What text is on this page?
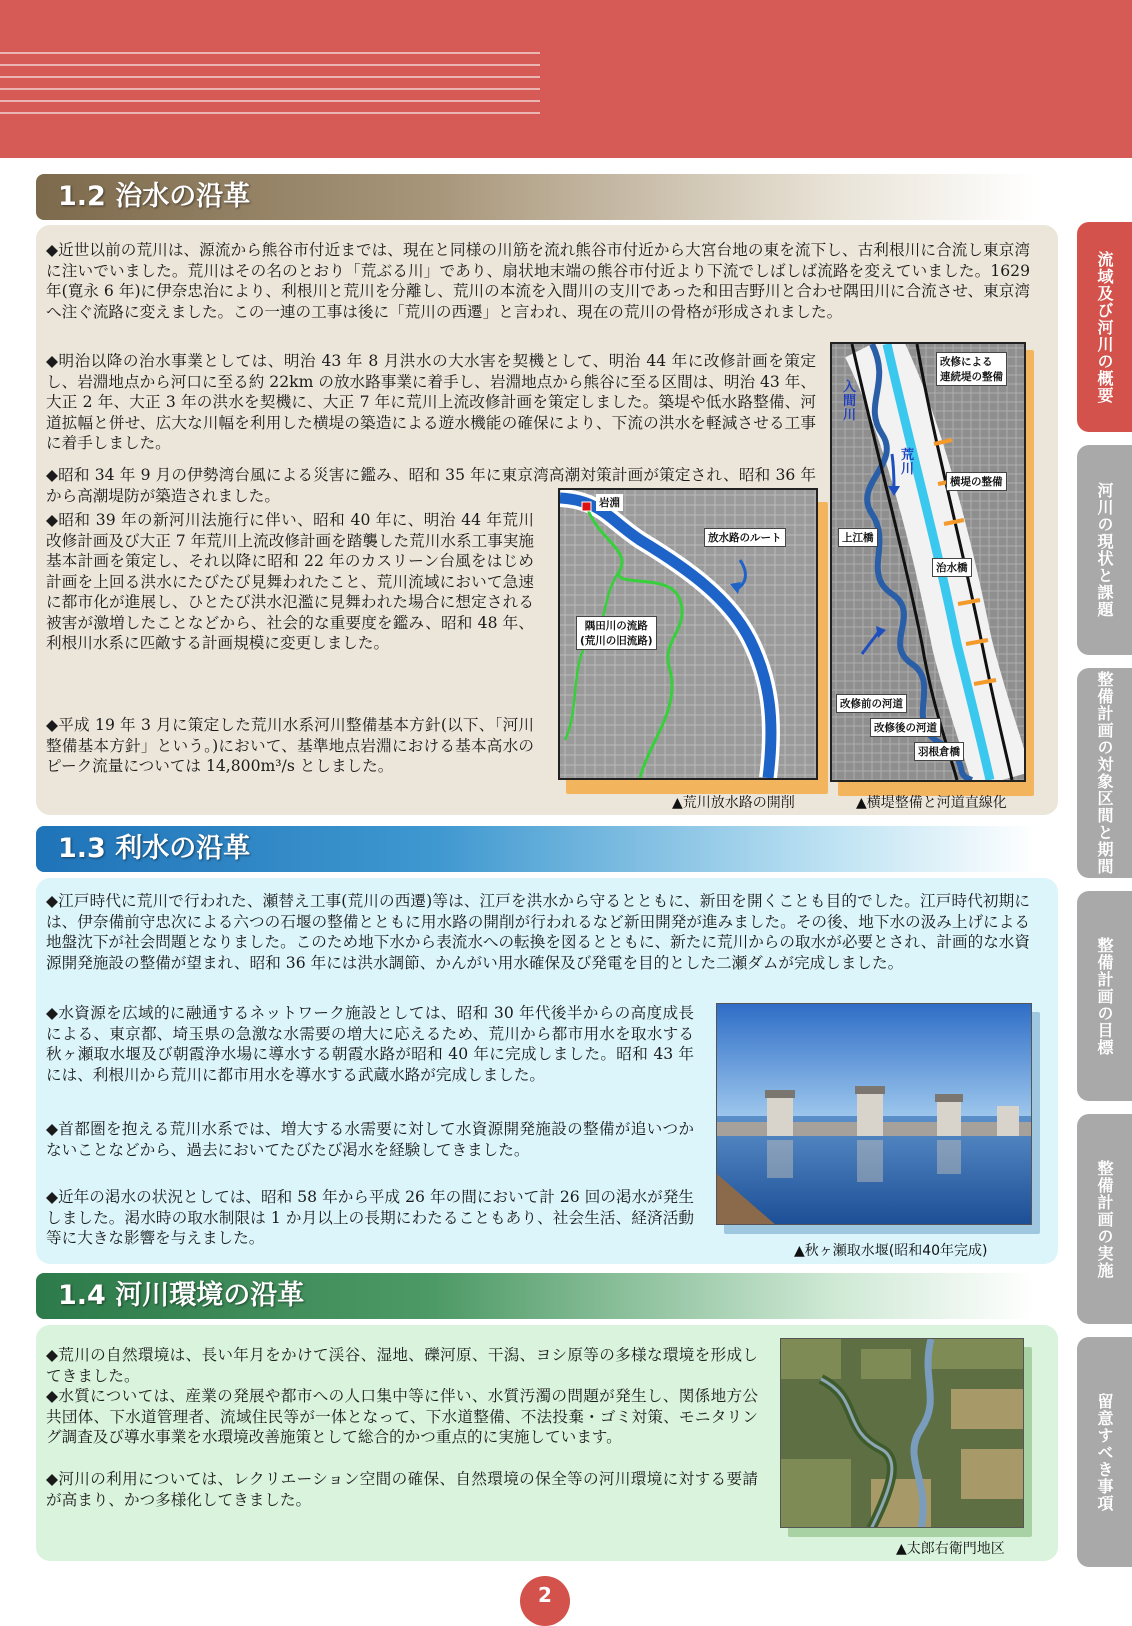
流域及び河川の概要
河川の現状と課題
整備計画の対象区間と期間
整備計画の目標
整備計画の実施
留意すべき事項
1.2 治水の沿革

◆近世以前の荒川は、源流から熊谷市付近までは、現在と同様の川筋を流れ熊谷市付近から大宮台地の東を流下し、古利根川に合流し東京湾に注いでいました。荒川はその名のとおり「荒ぶる川」であり、扇状地末端の熊谷市付近より下流でしばしば流路を変えていました。1629 年(寛永 6 年)に伊奈忠治により、利根川と荒川を分離し、荒川の本流を入間川の支川であった和田吉野川と合わせ隅田川に合流させ、東京湾へ注ぐ流路に変えました。この一連の工事は後に「荒川の西遷」と言われ、現在の荒川の骨格が形成されました。

◆明治以降の治水事業としては、明治 43 年 8 月洪水の大水害を契機として、明治 44 年に改修計画を策定し、岩淵地点から河口に至る約 22km の放水路事業に着手し、岩淵地点から熊谷に至る区間は、明治 43 年、大正 2 年、大正 3 年の洪水を契機に、大正 7 年に荒川上流改修計画を策定しました。築堤や低水路整備、河道拡幅と併せ、広大な川幅を利用した横堤の築造による遊水機能の確保により、下流の洪水を軽減させる工事に着手しました。

◆昭和 34 年 9 月の伊勢湾台風による災害に鑑み、昭和 35 年に東京湾高潮対策計画が策定され、昭和 36 年から高潮堤防が築造されました。

◆昭和 39 年の新河川法施行に伴い、昭和 40 年に、明治 44 年荒川改修計画及び大正 7 年荒川上流改修計画を踏襲した荒川水系工事実施基本計画を策定し、それ以降に昭和 22 年のカスリーン台風をはじめ計画を上回る洪水にたびたび見舞われたこと、荒川流域において急速に都市化が進展し、ひとたび洪水氾濫に見舞われた場合に想定される被害が激増したことなどから、社会的な重要度を鑑み、昭和 48 年、利根川水系に匹敵する計画規模に変更しました。

◆平成 19 年 3 月に策定した荒川水系河川整備基本方針(以下、「河川整備基本方針」という。)において、基準地点岩淵における基本高水のピーク流量については 14,800m³/s としました。

岩淵
放水路のルート
隅田川の流路
(荒川の旧流路)
改修による
連続堤の整備
入
間
川
荒
川
横堤の整備
上江橋
治水橋
改修前の河道
改修後の河道
羽根倉橋
▲荒川放水路の開削	▲横堤整備と河道直線化
1.3 利水の沿革

◆江戸時代に荒川で行われた、瀬替え工事(荒川の西遷)等は、江戸を洪水から守るとともに、新田を開くことも目的でした。江戸時代初期には、伊奈備前守忠次による六つの石堰の整備とともに用水路の開削が行われるなど新田開発が進みました。その後、地下水の汲み上げによる地盤沈下が社会問題となりました。このため地下水から表流水への転換を図るとともに、新たに荒川からの取水が必要とされ、計画的な水資源開発施設の整備が望まれ、昭和 36 年には洪水調節、かんがい用水確保及び発電を目的とした二瀬ダムが完成しました。

◆水資源を広域的に融通するネットワーク施設としては、昭和 30 年代後半からの高度成長による、東京都、埼玉県の急激な水需要の増大に応えるため、荒川から都市用水を取水する秋ヶ瀬取水堰及び朝霞浄水場に導水する朝霞水路が昭和 40 年に完成しました。昭和 43 年には、利根川から荒川に都市用水を導水する武蔵水路が完成しました。

◆首都圏を抱える荒川水系では、増大する水需要に対して水資源開発施設の整備が追いつかないことなどから、過去においてたびたび渇水を経験してきました。

◆近年の渇水の状況としては、昭和 58 年から平成 26 年の間において計 26 回の渇水が発生しました。渇水時の取水制限は 1 か月以上の長期にわたることもあり、社会生活、経済活動等に大きな影響を与えました。

▲秋ヶ瀬取水堰(昭和40年完成)
1.4 河川環境の沿革

◆荒川の自然環境は、長い年月をかけて渓谷、湿地、礫河原、干潟、ヨシ原等の多様な環境を形成してきました。

◆水質については、産業の発展や都市への人口集中等に伴い、水質汚濁の問題が発生し、関係地方公共団体、下水道管理者、流域住民等が一体となって、下水道整備、不法投棄・ゴミ対策、モニタリング調査及び導水事業を水環境改善施策として総合的かつ重点的に実施しています。

◆河川の利用については、レクリエーション空間の確保、自然環境の保全等の河川環境に対する要請が高まり、かつ多様化してきました。

▲太郎右衛門地区
2
